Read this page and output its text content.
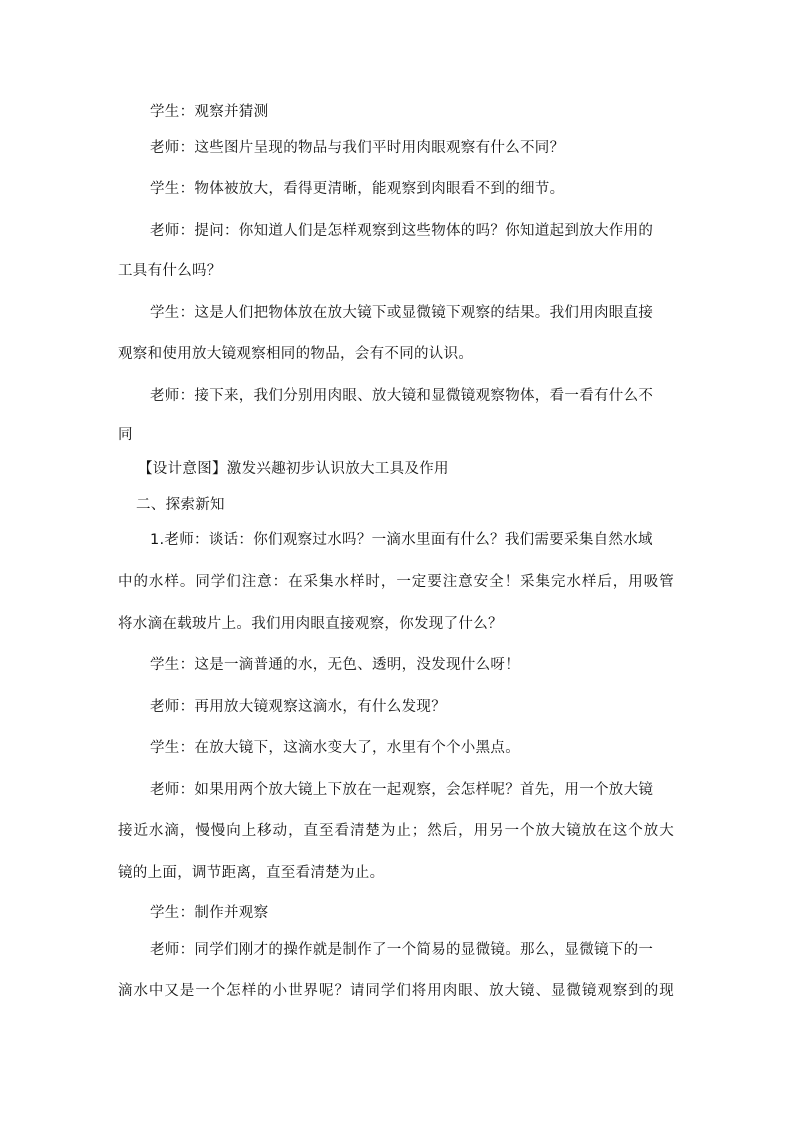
学生：观察并猜测
老师：这些图片呈现的物品与我们平时用肉眼观察有什么不同？
学生：物体被放大，看得更清晰，能观察到肉眼看不到的细节。
老师：提问：你知道人们是怎样观察到这些物体的吗？你知道起到放大作用的
工具有什么吗？
学生：这是人们把物体放在放大镜下或显微镜下观察的结果。我们用肉眼直接
观察和使用放大镜观察相同的物品，会有不同的认识。
老师：接下来，我们分别用肉眼、放大镜和显微镜观察物体，看一看有什么不
同
【设计意图】激发兴趣初步认识放大工具及作用
二、探索新知
1.老师：谈话：你们观察过水吗？一滴水里面有什么？我们需要采集自然水域
中的水样。同学们注意：在采集水样时，一定要注意安全！采集完水样后，用吸管
将水滴在载玻片上。我们用肉眼直接观察，你发现了什么？
学生：这是一滴普通的水，无色、透明，没发现什么呀！
老师：再用放大镜观察这滴水，有什么发现？
学生：在放大镜下，这滴水变大了，水里有个个小黑点。
老师：如果用两个放大镜上下放在一起观察，会怎样呢？首先，用一个放大镜
接近水滴，慢慢向上移动，直至看清楚为止；然后，用另一个放大镜放在这个放大
镜的上面，调节距离，直至看清楚为止。
学生：制作并观察
老师：同学们刚才的操作就是制作了一个简易的显微镜。那么，显微镜下的一
滴水中又是一个怎样的小世界呢？请同学们将用肉眼、放大镜、显微镜观察到的现
